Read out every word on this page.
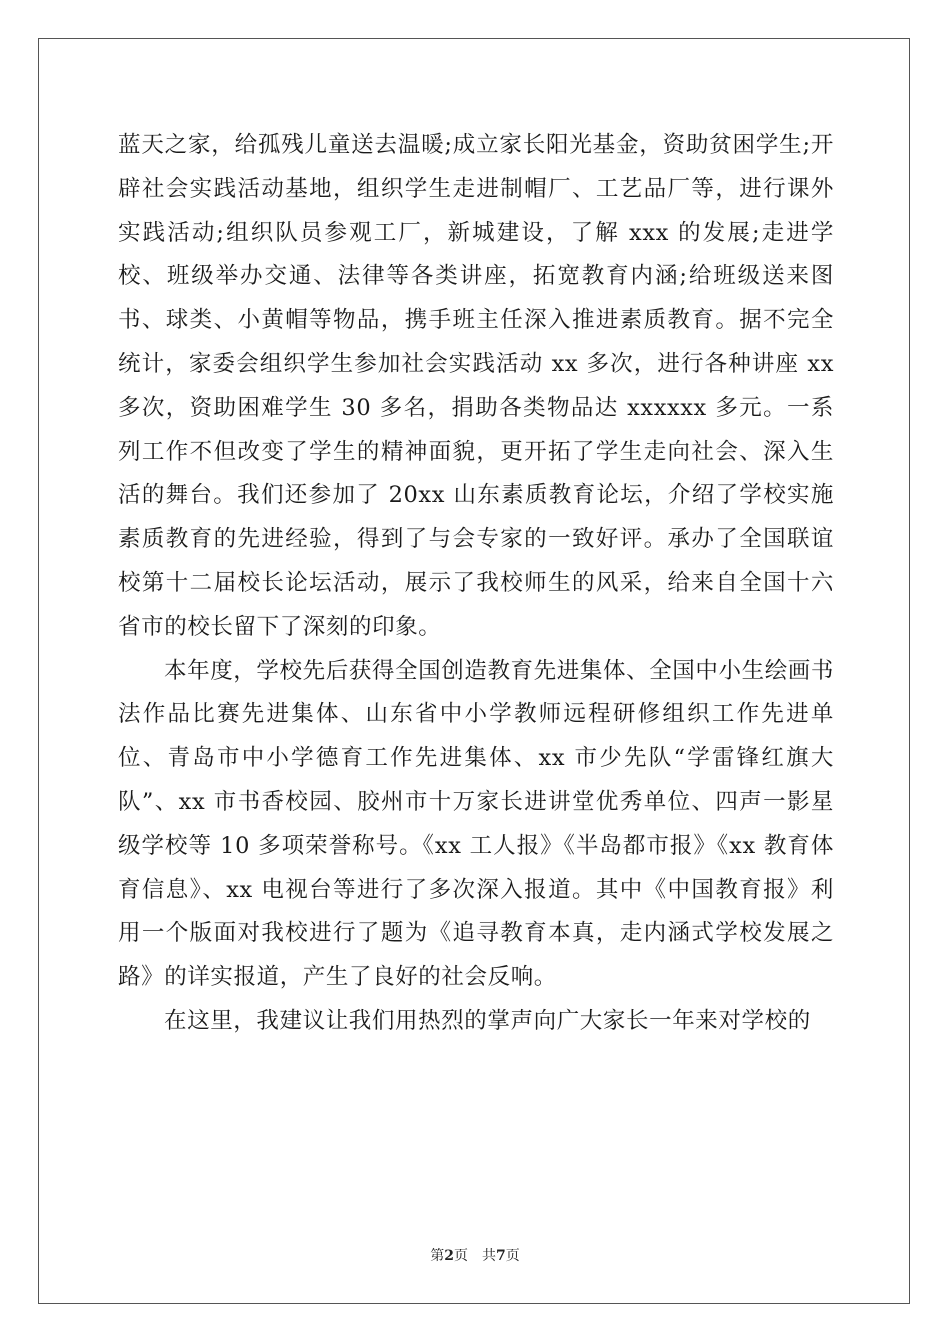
蓝天之家，给孤残儿童送去温暖;成立家长阳光基金，资助贫困学生;开辟社会实践活动基地，组织学生走进制帽厂、工艺品厂等，进行课外实践活动;组织队员参观工厂，新城建设，了解 xxx 的发展;走进学校、班级举办交通、法律等各类讲座，拓宽教育内涵;给班级送来图书、球类、小黄帽等物品，携手班主任深入推进素质教育。据不完全统计，家委会组织学生参加社会实践活动 xx 多次，进行各种讲座 xx 多次，资助困难学生 30 多名，捐助各类物品达 xxxxxx 多元。一系列工作不但改变了学生的精神面貌，更开拓了学生走向社会、深入生活的舞台。我们还参加了 20xx 山东素质教育论坛，介绍了学校实施素质教育的先进经验，得到了与会专家的一致好评。承办了全国联谊校第十二届校长论坛活动，展示了我校师生的风采，给来自全国十六省市的校长留下了深刻的印象。

本年度，学校先后获得全国创造教育先进集体、全国中小生绘画书法作品比赛先进集体、山东省中小学教师远程研修组织工作先进单位、青岛市中小学德育工作先进集体、xx 市少先队“学雷锋红旗大队”、xx 市书香校园、胶州市十万家长进讲堂优秀单位、四声一影星级学校等 10 多项荣誉称号。《xx 工人报》《半岛都市报》《xx 教育体育信息》、xx 电视台等进行了多次深入报道。其中《中国教育报》利用一个版面对我校进行了题为《追寻教育本真，走内涵式学校发展之路》的详实报道，产生了良好的社会反响。

在这里，我建议让我们用热烈的掌声向广大家长一年来对学校的

第2页 共7页
